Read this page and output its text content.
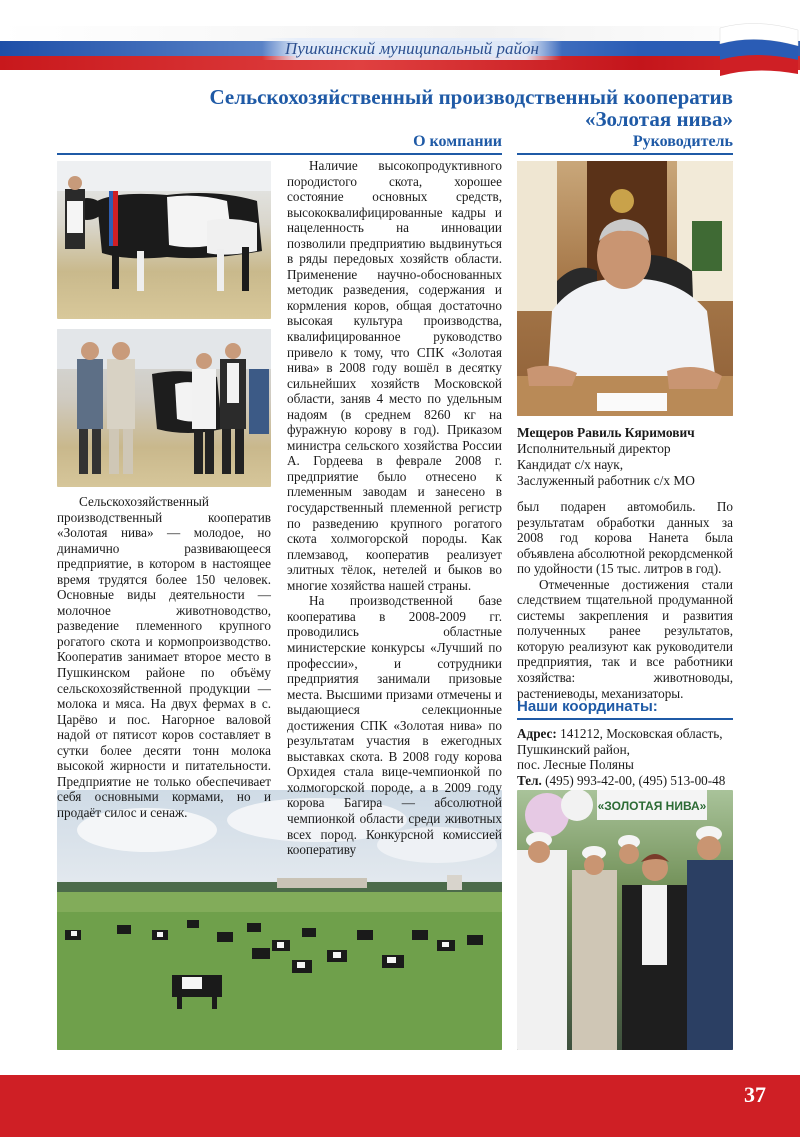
Пушкинский муниципальный район
Сельскохозяйственный производственный кооператив
«Золотая нива»
О компании	Руководитель
«ЗОЛОТАЯ НИВА»

Сельскохозяйственный производственный кооператив «Золотая нива» — молодое, но динамично развивающееся предприятие, в котором в настоящее время трудятся более 150 человек. Основные виды деятельности — молочное животноводство, разведение племенного крупного рогатого скота и кормопроизводство. Кооператив занимает второе место в Пушкинском районе по объёму сельскохозяйственной продукции — молока и мяса. На двух фермах в с. Царёво и пос. Нагорное валовой надой от пятисот коров составляет в сутки более десяти тонн молока высокой жирности и питательности. Предприятие не только обеспечивает себя основными кормами, но и продаёт силос и сенаж.

Наличие высокопродуктивного породистого скота, хорошее состояние основных средств, высококвалифицированные кадры и нацеленность на инновации позволили предприятию выдвинуться в ряды передовых хозяйств области. Применение научно-обоснованных методик разведения, содержания и кормления коров, общая достаточно высокая культура производства, квалифицированное руководство привело к тому, что СПК «Золотая нива» в 2008 году вошёл в десятку сильнейших хозяйств Московской области, заняв 4 место по удельным надоям (в среднем 8260 кг на фуражную корову в год). Приказом министра сельского хозяйства России А. Гордеева в феврале 2008 г. предприятие было отнесено к племенным заводам и занесено в государственный племенной регистр по разведению крупного рогатого скота холмогорской породы. Как племзавод, кооператив реализует элитных тёлок, нетелей и быков во многие хозяйства нашей страны.

На производственной базе кооператива в 2008-2009 гг. проводились областные министерские конкурсы «Лучший по профессии», и сотрудники предприятия занимали призовые места. Высшими призами отмечены и выдающиеся селекционные достижения СПК «Золотая нива» по результатам участия в ежегодных выставках скота. В 2008 году корова Орхидея стала вице-чемпионкой по холмогорской породе, а в 2009 году корова Багира — абсолютной чемпионкой области среди животных всех пород. Конкурсной комиссией кооперативу

Мещеров Равиль Кяримович
Исполнительный директор
Кандидат с/х наук,
Заслуженный работник с/х МО

был подарен автомобиль. По результатам обработки данных за 2008 год корова Нанета была объявлена абсолютной рекордсменкой по удойности (15 тыс. литров в год).

Отмеченные достижения стали следствием тщательной продуманной системы закрепления и развития полученных ранее результатов, которую реализуют как руководители предприятия, так и все работники хозяйства: животноводы, растениеводы, механизаторы.

Наши координаты:
Адрес: 141212, Московская область,
Пушкинский район,
пос. Лесные Поляны
Тел. (495) 993-42-00, (495) 513-00-48
37
